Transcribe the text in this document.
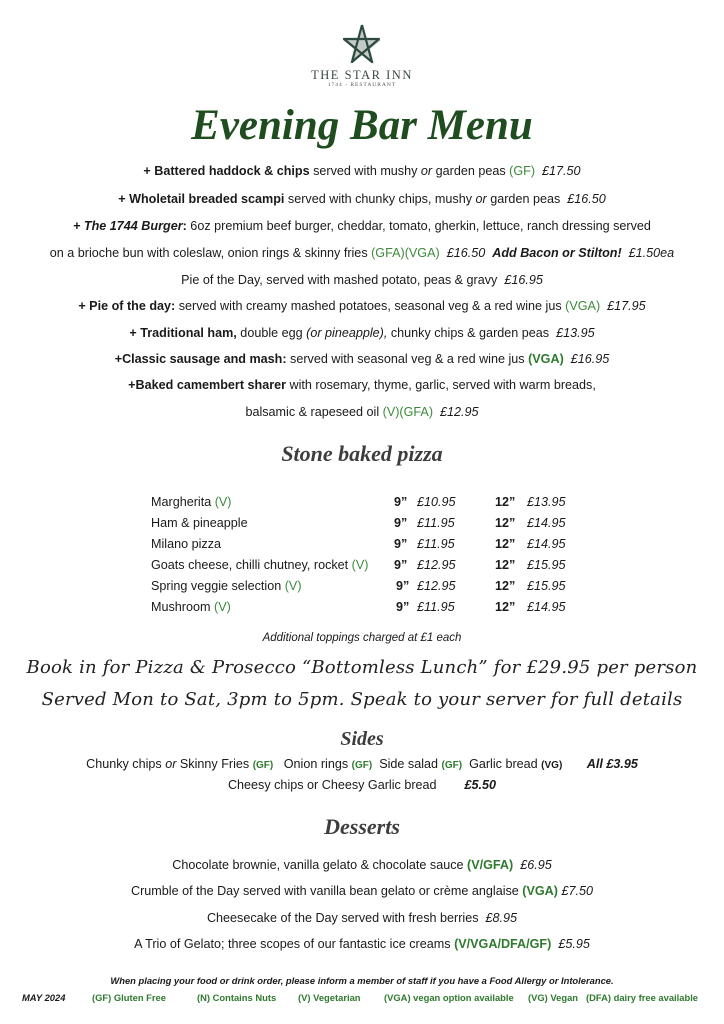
THE STAR INN
1744 - RESTAURANT
Evening Bar Menu
+ Battered haddock & chips served with mushy or garden peas (GF) £17.50
+ Wholetail breaded scampi served with chunky chips, mushy or garden peas  £16.50
+ The 1744 Burger: 6oz premium beef burger, cheddar, tomato, gherkin, lettuce, ranch dressing served
on a brioche bun with coleslaw, onion rings & skinny fries (GFA)(VGA) £16.50 Add Bacon or Stilton! £1.50ea
Pie of the Day, served with mashed potato, peas & gravy  £16.95
+ Pie of the day: served with creamy mashed potatoes, seasonal veg & a red wine jus (VGA) £17.95
+ Traditional ham, double egg (or pineapple), chunky chips & garden peas  £13.95
+Classic sausage and mash: served with seasonal veg & a red wine jus (VGA) £16.95
+Baked camembert sharer with rosemary, thyme, garlic, served with warm breads,
balsamic & rapeseed oil (V)(GFA) £12.95
Stone baked pizza
Margherita (V)	9” £10.95	12” £13.95
Ham & pineapple	9” £11.95	12” £14.95
Milano pizza	9” £11.95	12” £14.95
Goats cheese, chilli chutney, rocket (V) 9” £12.95	12” £15.95
Spring veggie selection (V)	9” £12.95	12” £15.95
Mushroom (V)	9” £11.95	12” £14.95
Additional toppings charged at £1 each
Book in for Pizza & Prosecco “Bottomless Lunch” for £29.95 per person
Served Mon to Sat, 3pm to 5pm. Speak to your server for full details
Sides
Chunky chips or Skinny Fries (GF) Onion rings (GF) Side salad (GF) Garlic bread (VG) All £3.95
Cheesy chips or Cheesy Garlic bread £5.50
Desserts
Chocolate brownie, vanilla gelato & chocolate sauce (V/GFA) £6.95
Crumble of the Day served with vanilla bean gelato or crème anglaise (VGA) £7.50
Cheesecake of the Day served with fresh berries  £8.95
A Trio of Gelato; three scopes of our fantastic ice creams (V/VGA/DFA/GF) £5.95
When placing your food or drink order, please inform a member of staff if you have a Food Allergy or Intolerance.
MAY 2024	(GF) Gluten Free	(N) Contains Nuts (V) Vegetarian (VGA) vegan option available (VG) Vegan (DFA) dairy free available
